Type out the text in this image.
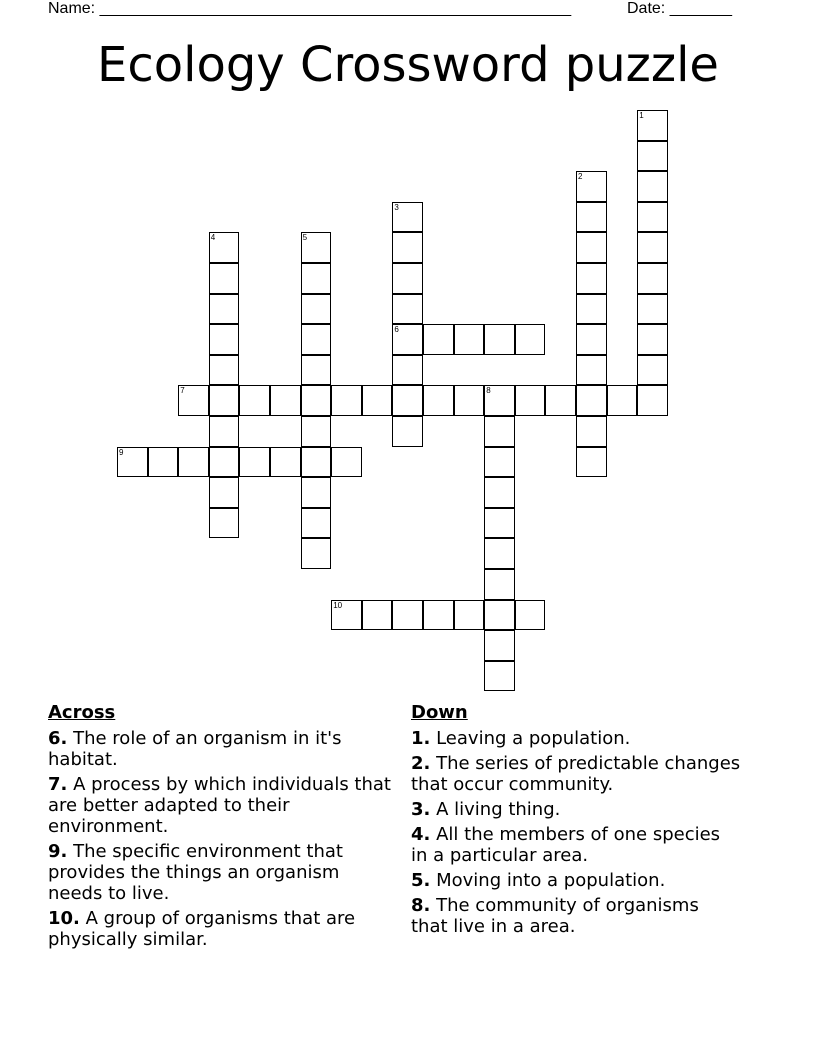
Name: _____________________________________________________	Date: _______
Ecology Crossword puzzle
1
2
3
6
4	5
7	8
9
10
Across
6. The role of an organism in it's habitat.
7. A process by which individuals that are better adapted to their environment.
9. The specific environment that provides the things an organism needs to live.
10. A group of organisms that are physically similar.
Down
1. Leaving a population.
2. The series of predictable changes that occur community.
3. A living thing.
4. All the members of one species in a particular area.
5. Moving into a population.
8. The community of organisms that live in a area.
